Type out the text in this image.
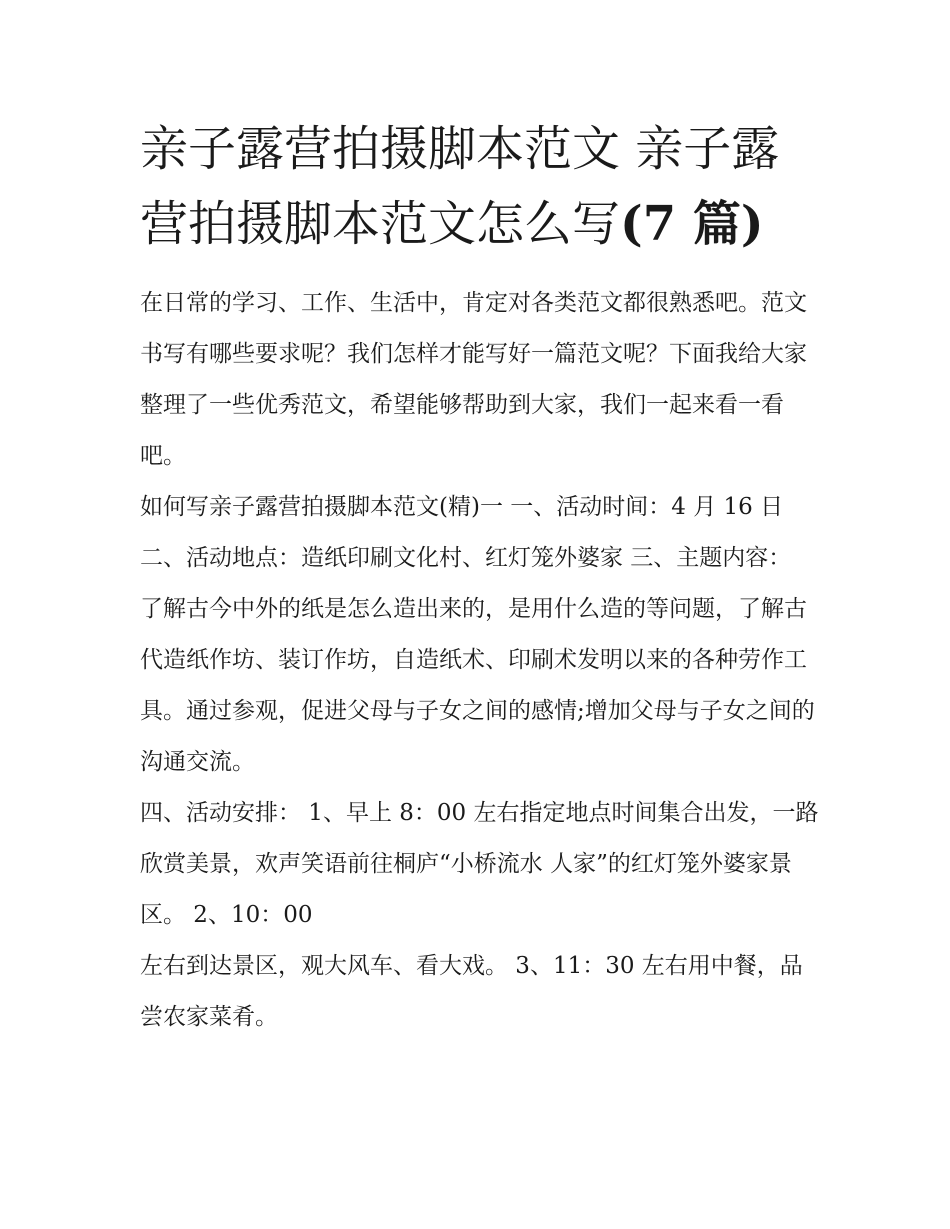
亲子露营拍摄脚本范文 亲子露营拍摄脚本范文怎么写(7 篇)

在日常的学习、工作、生活中，肯定对各类范文都很熟悉吧。范文书写有哪些要求呢？我们怎样才能写好一篇范文呢？下面我给大家整理了一些优秀范文，希望能够帮助到大家，我们一起来看一看吧。

如何写亲子露营拍摄脚本范文(精)一 一、活动时间：4 月 16 日 二、活动地点：造纸印刷文化村、红灯笼外婆家 三、主题内容：

了解古今中外的纸是怎么造出来的，是用什么造的等问题，了解古代造纸作坊、装订作坊，自造纸术、印刷术发明以来的各种劳作工具。通过参观，促进父母与子女之间的感情;增加父母与子女之间的沟通交流。

四、活动安排： 1、早上 8：00 左右指定地点时间集合出发，一路欣赏美景，欢声笑语前往桐庐“小桥流水 人家”的红灯笼外婆家景区。 2、10：00

左右到达景区，观大风车、看大戏。 3、11：30 左右用中餐，品尝农家菜肴。
